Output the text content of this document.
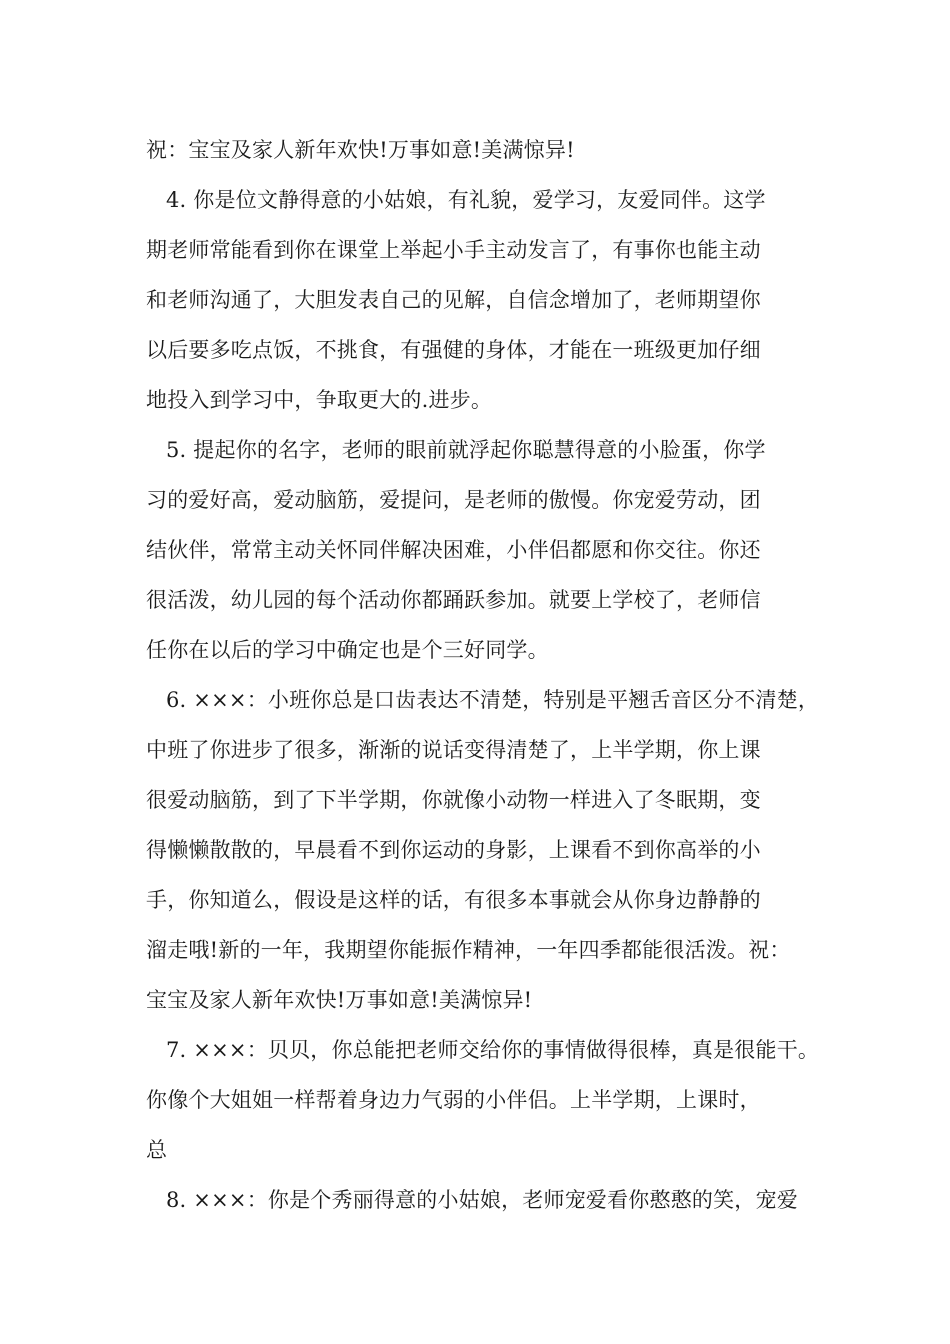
祝：宝宝及家人新年欢快!万事如意!美满惊异!
4. 你是位文静得意的小姑娘，有礼貌，爱学习，友爱同伴。这学
期老师常能看到你在课堂上举起小手主动发言了，有事你也能主动
和老师沟通了，大胆发表自己的见解，自信念增加了，老师期望你
以后要多吃点饭，不挑食，有强健的身体，才能在一班级更加仔细
地投入到学习中，争取更大的.进步。
5. 提起你的名字，老师的眼前就浮起你聪慧得意的小脸蛋，你学
习的爱好高，爱动脑筋，爱提问，是老师的傲慢。你宠爱劳动，团
结伙伴，常常主动关怀同伴解决困难，小伴侣都愿和你交往。你还
很活泼，幼儿园的每个活动你都踊跃参加。就要上学校了，老师信
任你在以后的学习中确定也是个三好同学。
6. ×××：小班你总是口齿表达不清楚，特别是平翘舌音区分不清楚，
中班了你进步了很多，渐渐的说话变得清楚了，上半学期，你上课
很爱动脑筋，到了下半学期，你就像小动物一样进入了冬眠期，变
得懒懒散散的，早晨看不到你运动的身影，上课看不到你高举的小
手，你知道么，假设是这样的话，有很多本事就会从你身边静静的
溜走哦!新的一年，我期望你能振作精神，一年四季都能很活泼。祝：
宝宝及家人新年欢快!万事如意!美满惊异!
7. ×××：贝贝，你总能把老师交给你的事情做得很棒，真是很能干。
你像个大姐姐一样帮着身边力气弱的小伴侣。上半学期，上课时，
总
8. ×××：你是个秀丽得意的小姑娘，老师宠爱看你憨憨的笑，宠爱
